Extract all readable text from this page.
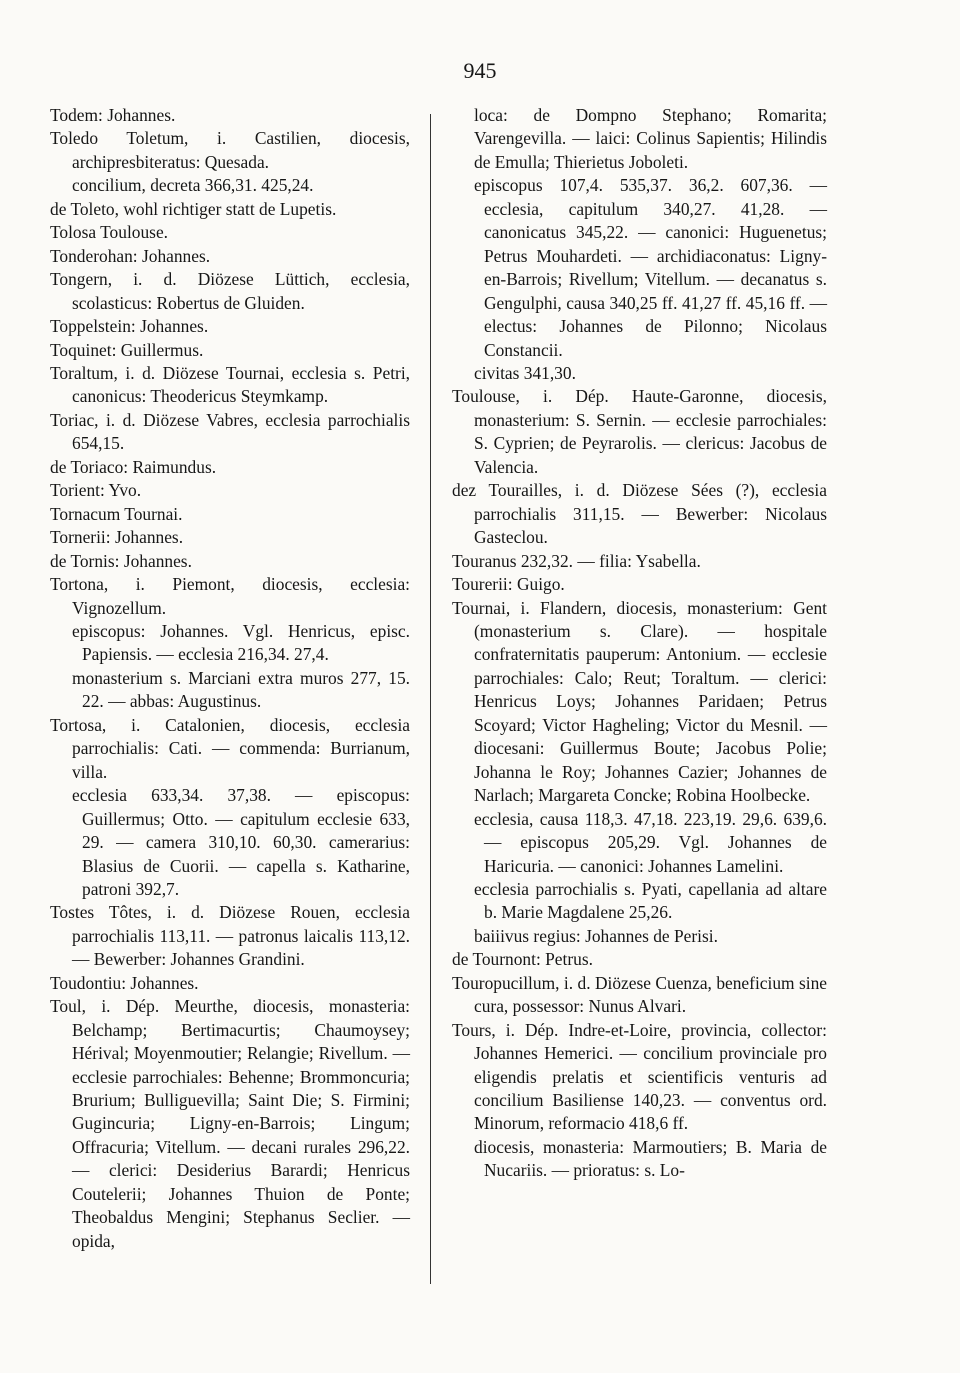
945
Todem: Johannes.
Toledo Toletum, i. Castilien, diocesis, archipresbiteratus: Quesada.
concilium, decreta 366,31. 425,24.
de Toleto, wohl richtiger statt de Lupetis.
Tolosa Toulouse.
Tonderohan: Johannes.
Tongern, i. d. Diözese Lüttich, ecclesia, scolasticus: Robertus de Gluiden.
Toppelstein: Johannes.
Toquinet: Guillermus.
Toraltum, i. d. Diözese Tournai, ecclesia s. Petri, canonicus: Theodericus Steymkamp.
Toriac, i. d. Diözese Vabres, ecclesia parrochialis 654,15.
de Toriaco: Raimundus.
Torient: Yvo.
Tornacum Tournai.
Tornerii: Johannes.
de Tornis: Johannes.
Tortona, i. Piemont, diocesis, ecclesia: Vignozellum.
episcopus: Johannes. Vgl. Henricus, episc. Papiensis. — ecclesia 216,34. 27,4.
monasterium s. Marciani extra muros 277, 15. 22. — abbas: Augustinus.
Tortosa, i. Catalonien, diocesis, ecclesia parrochialis: Cati. — commenda: Burrianum, villa.
ecclesia 633,34. 37,38. — episcopus: Guillermus; Otto. — capitulum ecclesie 633, 29. — camera 310,10. 60,30. camerarius: Blasius de Cuorii. — capella s. Katharine, patroni 392,7.
Tostes Tôtes, i. d. Diözese Rouen, ecclesia parrochialis 113,11. — patronus laicalis 113,12. — Bewerber: Johannes Grandini.
Toudontiu: Johannes.
Toul, i. Dép. Meurthe, diocesis, monasteria: Belchamp; Bertimacurtis; Chaumoysey; Hérival; Moyenmoutier; Relangie; Rivellum. — ecclesie parrochiales: Behenne; Brommoncuria; Brurium; Bulliguevilla; Saint Die; S. Firmini; Gugincuria; Ligny-en-Barrois; Lingum; Offracuria; Vitellum. — decani rurales 296,22. — clerici: Desiderius Barardi; Henricus Coutelerii; Johannes Thuion de Ponte; Theobaldus Mengini; Stephanus Seclier. — opida,
loca: de Dompno Stephano; Romarita; Varengevilla. — laici: Colinus Sapientis; Hilindis de Emulla; Thierietus Joboleti.
episcopus 107,4. 535,37. 36,2. 607,36. — ecclesia, capitulum 340,27. 41,28. — canonicatus 345,22. — canonici: Huguenetus; Petrus Mouhardeti. — archidiaconatus: Ligny-en-Barrois; Rivellum; Vitellum. — decanatus s. Gengulphi, causa 340,25 ff. 41,27 ff. 45,16 ff. — electus: Johannes de Pilonno; Nicolaus Constancii.
civitas 341,30.
Toulouse, i. Dép. Haute-Garonne, diocesis, monasterium: S. Sernin. — ecclesie parrochiales: S. Cyprien; de Peyrarolis. — clericus: Jacobus de Valencia.
dez Tourailles, i. d. Diözese Sées (?), ecclesia parrochialis 311,15. — Bewerber: Nicolaus Gasteclou.
Touranus 232,32. — filia: Ysabella.
Tourerii: Guigo.
Tournai, i. Flandern, diocesis, monasterium: Gent (monasterium s. Clare). — hospitale confraternitatis pauperum: Antonium. — ecclesie parrochiales: Calo; Reut; Toraltum. — clerici: Henricus Loys; Johannes Paridaen; Petrus Scoyard; Victor Hagheling; Victor du Mesnil. — diocesani: Guillermus Boute; Jacobus Polie; Johanna le Roy; Johannes Cazier; Johannes de Narlach; Margareta Concke; Robina Hoolbecke.
ecclesia, causa 118,3. 47,18. 223,19. 29,6. 639,6. — episcopus 205,29. Vgl. Johannes de Haricuria. — canonici: Johannes Lamelini.
ecclesia parrochialis s. Pyati, capellania ad altare b. Marie Magdalene 25,26.
baiiivus regius: Johannes de Perisi.
de Tournont: Petrus.
Touropucillum, i. d. Diözese Cuenza, beneficium sine cura, possessor: Nunus Alvari.
Tours, i. Dép. Indre-et-Loire, provincia, collector: Johannes Hemerici. — concilium provinciale pro eligendis prelatis et scientificis venturis ad concilium Basiliense 140,23. — conventus ord. Minorum, reformacio 418,6 ff.
diocesis, monasteria: Marmoutiers; B. Maria de Nucariis. — prioratus: s. Lo-
